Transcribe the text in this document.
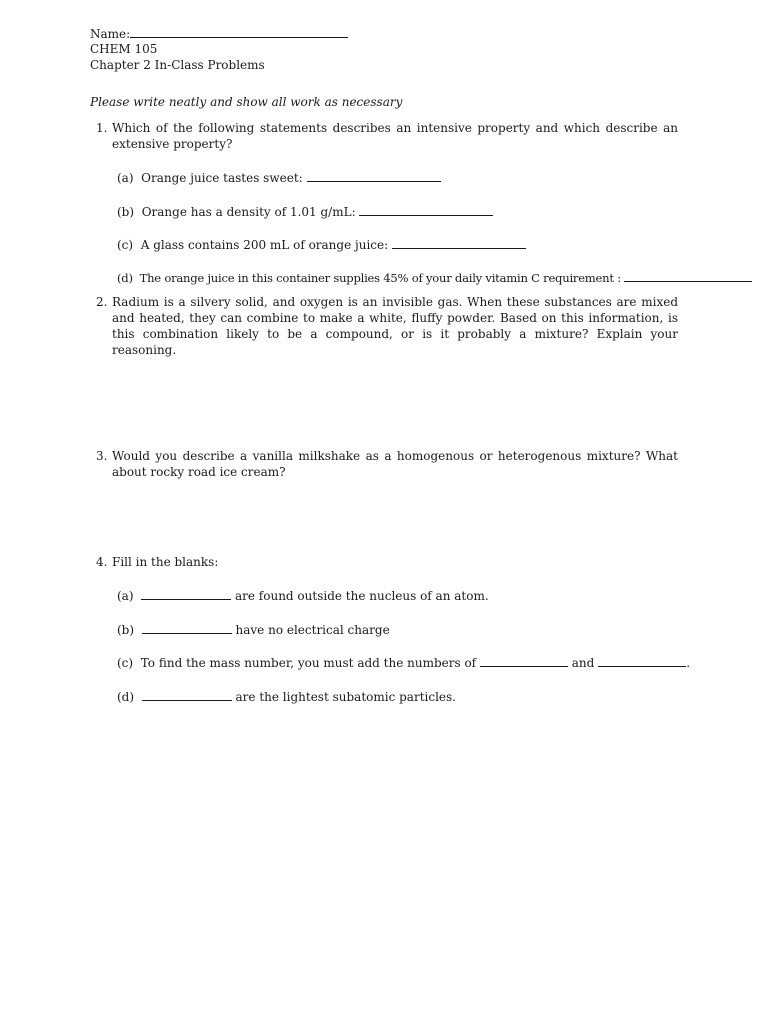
Name:
CHEM 105
Chapter 2 In-Class Problems
Please write neatly and show all work as necessary
1. Which of the following statements describes an intensive property and which describe an extensive property?
(a) Orange juice tastes sweet:
(b) Orange has a density of 1.01 g/mL:
(c) A glass contains 200 mL of orange juice:
(d) The orange juice in this container supplies 45% of your daily vitamin C requirement :
2. Radium is a silvery solid, and oxygen is an invisible gas. When these substances are mixed and heated, they can combine to make a white, fluffy powder. Based on this information, is this combination likely to be a compound, or is it probably a mixture? Explain your reasoning.
3. Would you describe a vanilla milkshake as a homogenous or heterogenous mixture? What about rocky road ice cream?
4. Fill in the blanks:
(a)	are found outside the nucleus of an atom.
(b)	have no electrical charge
(c) To find the mass number, you must add the numbers of	and	.
(d)	are the lightest subatomic particles.
